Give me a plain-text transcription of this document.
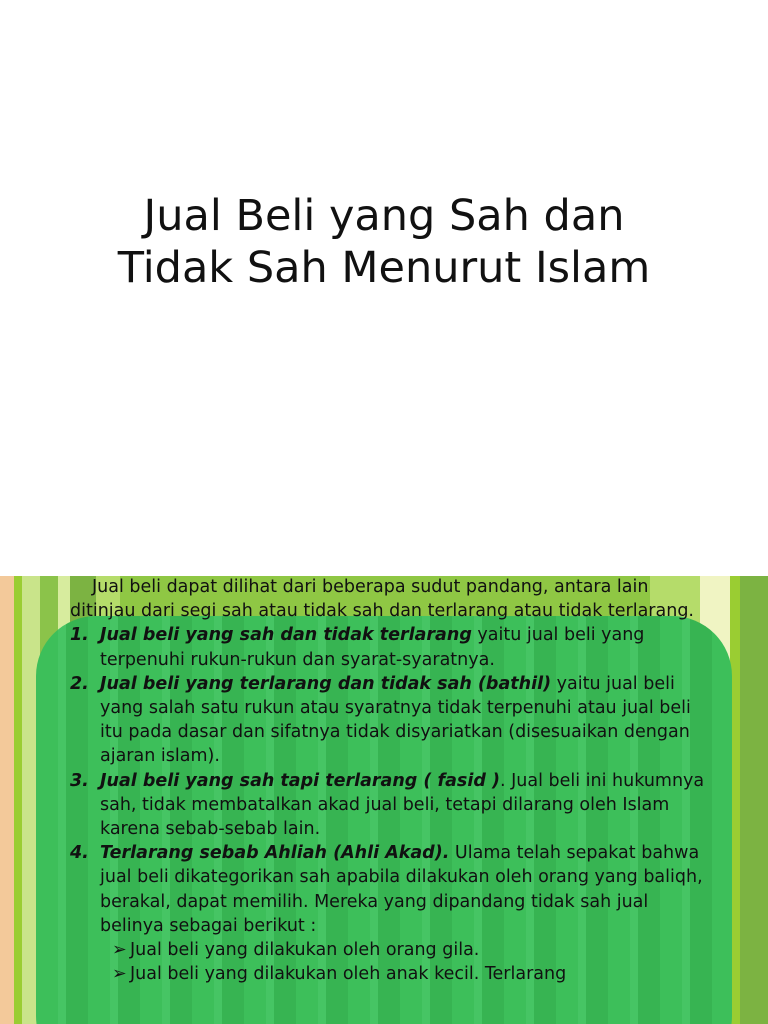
Jual Beli yang Sah dan
Tidak Sah Menurut Islam

Jual beli dapat dilihat dari beberapa sudut pandang, antara lain ditinjau dari segi sah atau tidak sah dan terlarang atau tidak terlarang.

1. Jual beli yang sah dan tidak terlarang yaitu jual beli yang terpenuhi rukun-rukun dan syarat-syaratnya.

2. Jual beli yang terlarang dan tidak sah (bathil) yaitu jual beli yang salah satu rukun atau syaratnya tidak terpenuhi atau jual beli itu pada dasar dan sifatnya tidak disyariatkan (disesuaikan dengan ajaran islam).

3. Jual beli yang sah tapi terlarang ( fasid ). Jual beli ini hukumnya sah, tidak membatalkan akad jual beli, tetapi dilarang oleh Islam karena sebab-sebab lain.

4. Terlarang sebab Ahliah (Ahli Akad). Ulama telah sepakat bahwa jual beli dikategorikan sah apabila dilakukan oleh orang yang baliqh, berakal, dapat memilih. Mereka yang dipandang tidak sah jual belinya sebagai berikut :

➢ Jual beli yang dilakukan oleh orang gila.

➢ Jual beli yang dilakukan oleh anak kecil. Terlarang
